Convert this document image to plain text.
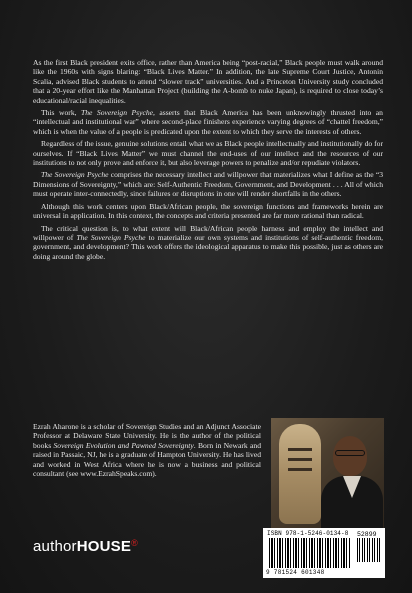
As the first Black president exits office, rather than America being “post-racial,” Black people must walk around like the 1960s with signs blaring: “Black Lives Matter.” In addition, the late Supreme Court Justice, Antonin Scalia, advised Black students to attend “slower track” universities. And a Princeton University study concluded that a 20-year effort like the Manhattan Project (building the A-bomb to nuke Japan), is required to close today’s educational/racial inequalities.

This work, The Sovereign Psyche, asserts that Black America has been unknowingly thrusted into an “intellectual and institutional war” where second-place finishers experience varying degrees of “chattel freedom,” which is when the value of a people is predicated upon the extent to which they serve the interests of others.

Regardless of the issue, genuine solutions entail what we as Black people intellectually and institutionally do for ourselves. If “Black Lives Matter” we must channel the end-uses of our intellect and the resources of our institutions to not only prove and enforce it, but also leverage powers to penalize and/or repudiate violators.

The Sovereign Psyche comprises the necessary intellect and willpower that materializes what I define as the “3 Dimensions of Sovereignty,” which are: Self-Authentic Freedom, Government, and Development . . . All of which must operate inter-connectedly, since failures or disruptions in one will render shortfalls in the others.

Although this work centers upon Black/African people, the sovereign functions and frameworks herein are universal in application. In this context, the concepts and criteria presented are far more rational than radical.

The critical question is, to what extent will Black/African people harness and employ the intellect and willpower of The Sovereign Psyche to materialize our own systems and institutions of self-authentic freedom, government, and development? This work offers the ideological apparatus to make this possible, just as others are doing around the globe.

Ezrah Aharone is a scholar of Sovereign Studies and an Adjunct Associate Professor at Delaware State University. He is the author of the political books Sovereign Evolution and Pawned Sovereignty. Born in Newark and raised in Passaic, NJ, he is a graduate of Hampton University. He has lived and worked in West Africa where he is now a business and political consultant (see www.EzrahSpeaks.com).

authorHOUSE®
ISBN 978-1-5246-0134-8 52899
9 781524 601348
